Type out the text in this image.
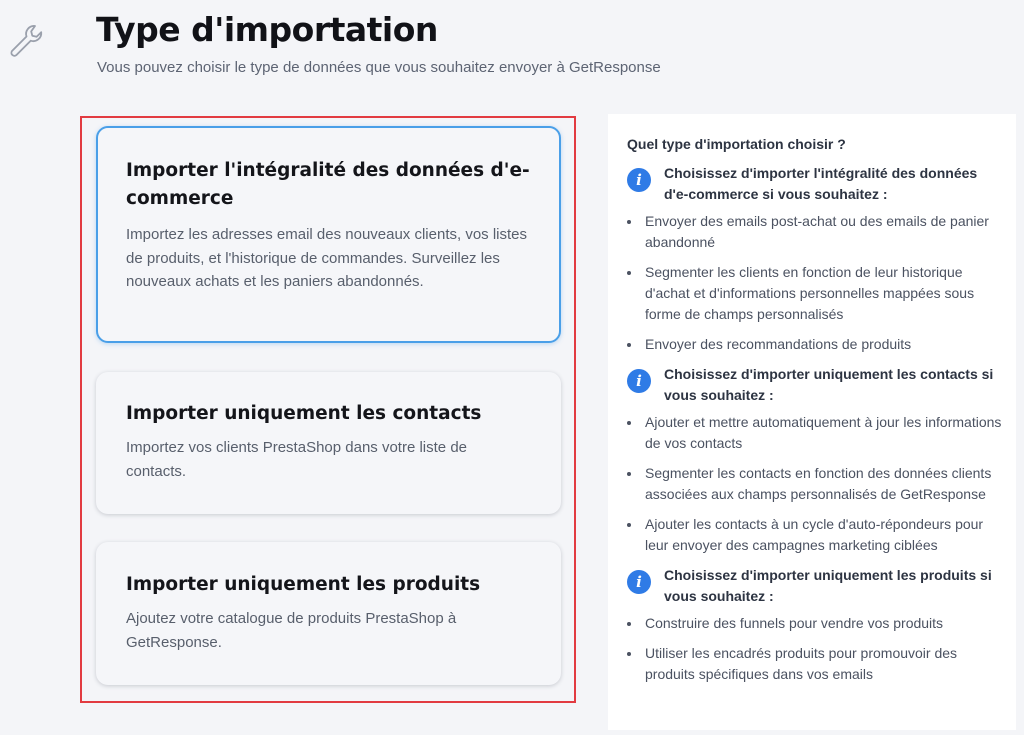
Type d'importation

Vous pouvez choisir le type de données que vous souhaitez envoyer à GetResponse

Importer l'intégralité des données d'e-commerce

Importez les adresses email des nouveaux clients, vos listes de produits, et l'historique de commandes. Surveillez les nouveaux achats et les paniers abandonnés.

Importer uniquement les contacts

Importez vos clients PrestaShop dans votre liste de contacts.

Importer uniquement les produits

Ajoutez votre catalogue de produits PrestaShop à GetResponse.

Quel type d'importation choisir ?

i	Choisissez d'importer l'intégralité des données d'e-commerce si vous souhaitez :
Envoyer des emails post-achat ou des emails de panier abandonné
Segmenter les clients en fonction de leur historique d'achat et d'informations personnelles mappées sous forme de champs personnalisés
Envoyer des recommandations de produits
i	Choisissez d'importer uniquement les contacts si vous souhaitez :
Ajouter et mettre automatiquement à jour les informations de vos contacts
Segmenter les contacts en fonction des données clients associées aux champs personnalisés de GetResponse
Ajouter les contacts à un cycle d'auto-répondeurs pour leur envoyer des campagnes marketing ciblées
i	Choisissez d'importer uniquement les produits si vous souhaitez :
Construire des funnels pour vendre vos produits
Utiliser les encadrés produits pour promouvoir des produits spécifiques dans vos emails
